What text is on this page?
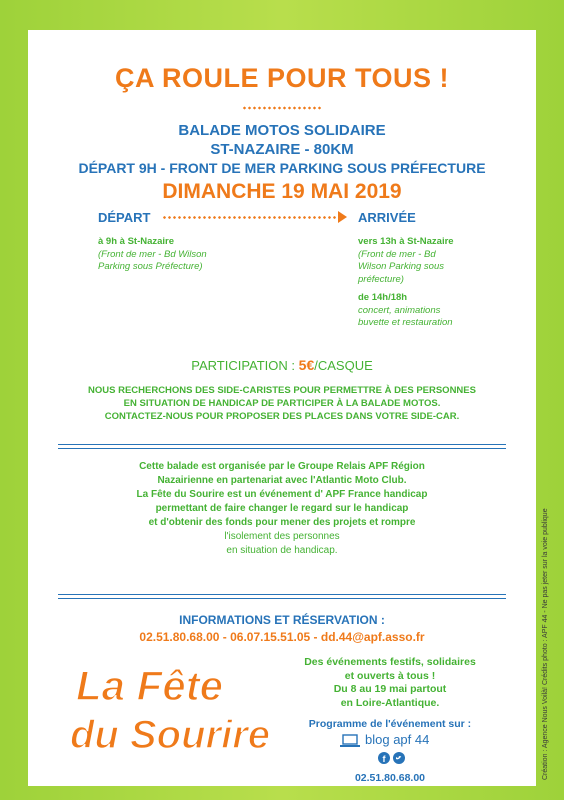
ÇA ROULE POUR TOUS !
BALADE MOTOS SOLIDAIRE
ST-NAZAIRE - 80KM
DÉPART 9H - FRONT DE MER PARKING SOUS PRÉFECTURE
DIMANCHE 19 MAI 2019
DÉPART	ARRIVÉE
à 9h à St-Nazaire
(Front de mer - Bd Wilson
Parking sous Préfecture)
vers 13h à St-Nazaire
(Front de mer - Bd
Wilson Parking sous
préfecture)
de 14h/18h
concert, animations
buvette et restauration
PARTICIPATION : 5€/CASQUE
NOUS RECHERCHONS DES SIDE-CARISTES POUR PERMETTRE À DES PERSONNES
EN SITUATION DE HANDICAP DE PARTICIPER À LA BALADE MOTOS.
CONTACTEZ-NOUS POUR PROPOSER DES PLACES DANS VOTRE SIDE-CAR.
Cette balade est organisée par le Groupe Relais APF Région
Nazairienne en partenariat avec l'Atlantic Moto Club.
La Fête du Sourire est un événement d' APF France handicap
permettant de faire changer le regard sur le handicap
et d'obtenir des fonds pour mener des projets et rompre
l'isolement des personnes
en situation de handicap.
INFORMATIONS ET RÉSERVATION :
02.51.80.68.00 - 06.07.15.51.05 - dd.44@apf.asso.fr
Des événements festifs, solidaires
et ouverts à tous !
Du 8 au 19 mai partout
en Loire-Atlantique.
Programme de l'événement sur :
blog apf 44
f
02.51.80.68.00
La Fête
du Sourire	Création : Agence Nous Voilà! Crédits photo : APF 44 - Ne pas jeter sur la voie publique
